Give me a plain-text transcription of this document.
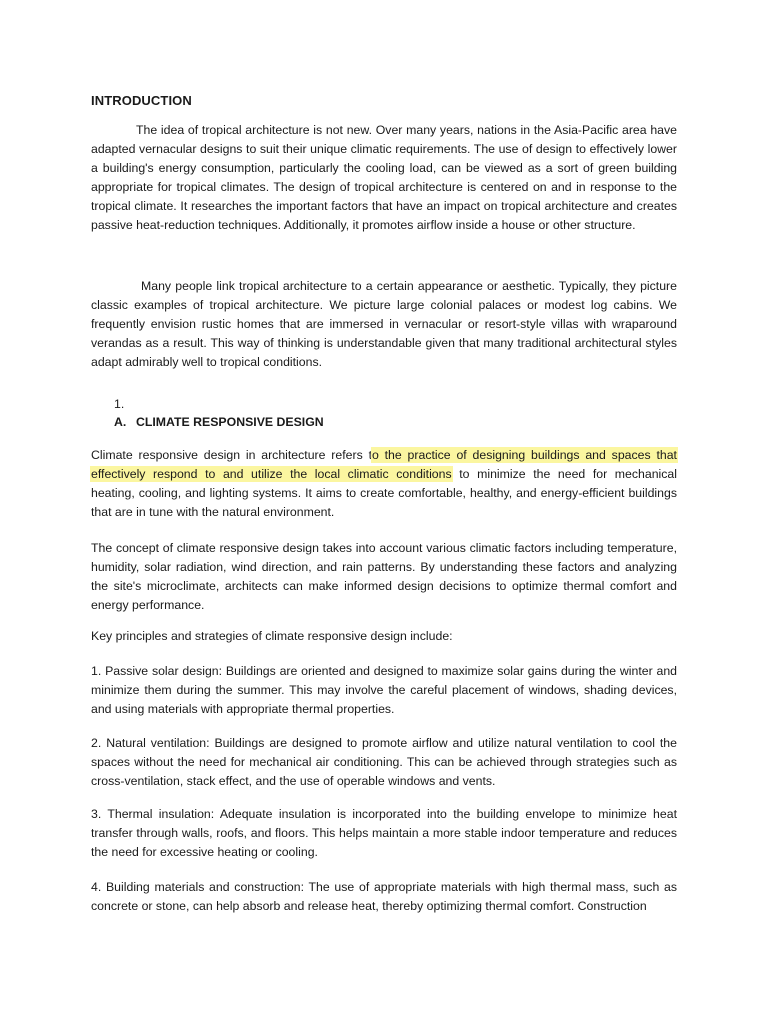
INTRODUCTION

The idea of tropical architecture is not new. Over many years, nations in the Asia-Pacific area have adapted vernacular designs to suit their unique climatic requirements. The use of design to effectively lower a building's energy consumption, particularly the cooling load, can be viewed as a sort of green building appropriate for tropical climates. The design of tropical architecture is centered on and in response to the tropical climate. It researches the important factors that have an impact on tropical architecture and creates passive heat-reduction techniques. Additionally, it promotes airflow inside a house or other structure.

Many people link tropical architecture to a certain appearance or aesthetic. Typically, they picture classic examples of tropical architecture. We picture large colonial palaces or modest log cabins. We frequently envision rustic homes that are immersed in vernacular or resort-style villas with wraparound verandas as a result. This way of thinking is understandable given that many traditional architectural styles adapt admirably well to tropical conditions.

1.
A. CLIMATE RESPONSIVE DESIGN
Climate responsive design in architecture refers to the practice of designing buildings and spaces that
effectively respond to and utilize the local climatic conditions to minimize the need for mechanical
heating, cooling, and lighting systems. It aims to create comfortable, healthy, and energy-efficient buildings that are in tune with the natural environment.

The concept of climate responsive design takes into account various climatic factors including temperature, humidity, solar radiation, wind direction, and rain patterns. By understanding these factors and analyzing the site's microclimate, architects can make informed design decisions to optimize thermal comfort and energy performance.

Key principles and strategies of climate responsive design include:

1. Passive solar design: Buildings are oriented and designed to maximize solar gains during the winter and minimize them during the summer. This may involve the careful placement of windows, shading devices, and using materials with appropriate thermal properties.

2. Natural ventilation: Buildings are designed to promote airflow and utilize natural ventilation to cool the spaces without the need for mechanical air conditioning. This can be achieved through strategies such as cross-ventilation, stack effect, and the use of operable windows and vents.

3. Thermal insulation: Adequate insulation is incorporated into the building envelope to minimize heat transfer through walls, roofs, and floors. This helps maintain a more stable indoor temperature and reduces the need for excessive heating or cooling.

4. Building materials and construction: The use of appropriate materials with high thermal mass, such as concrete or stone, can help absorb and release heat, thereby optimizing thermal comfort. Construction
